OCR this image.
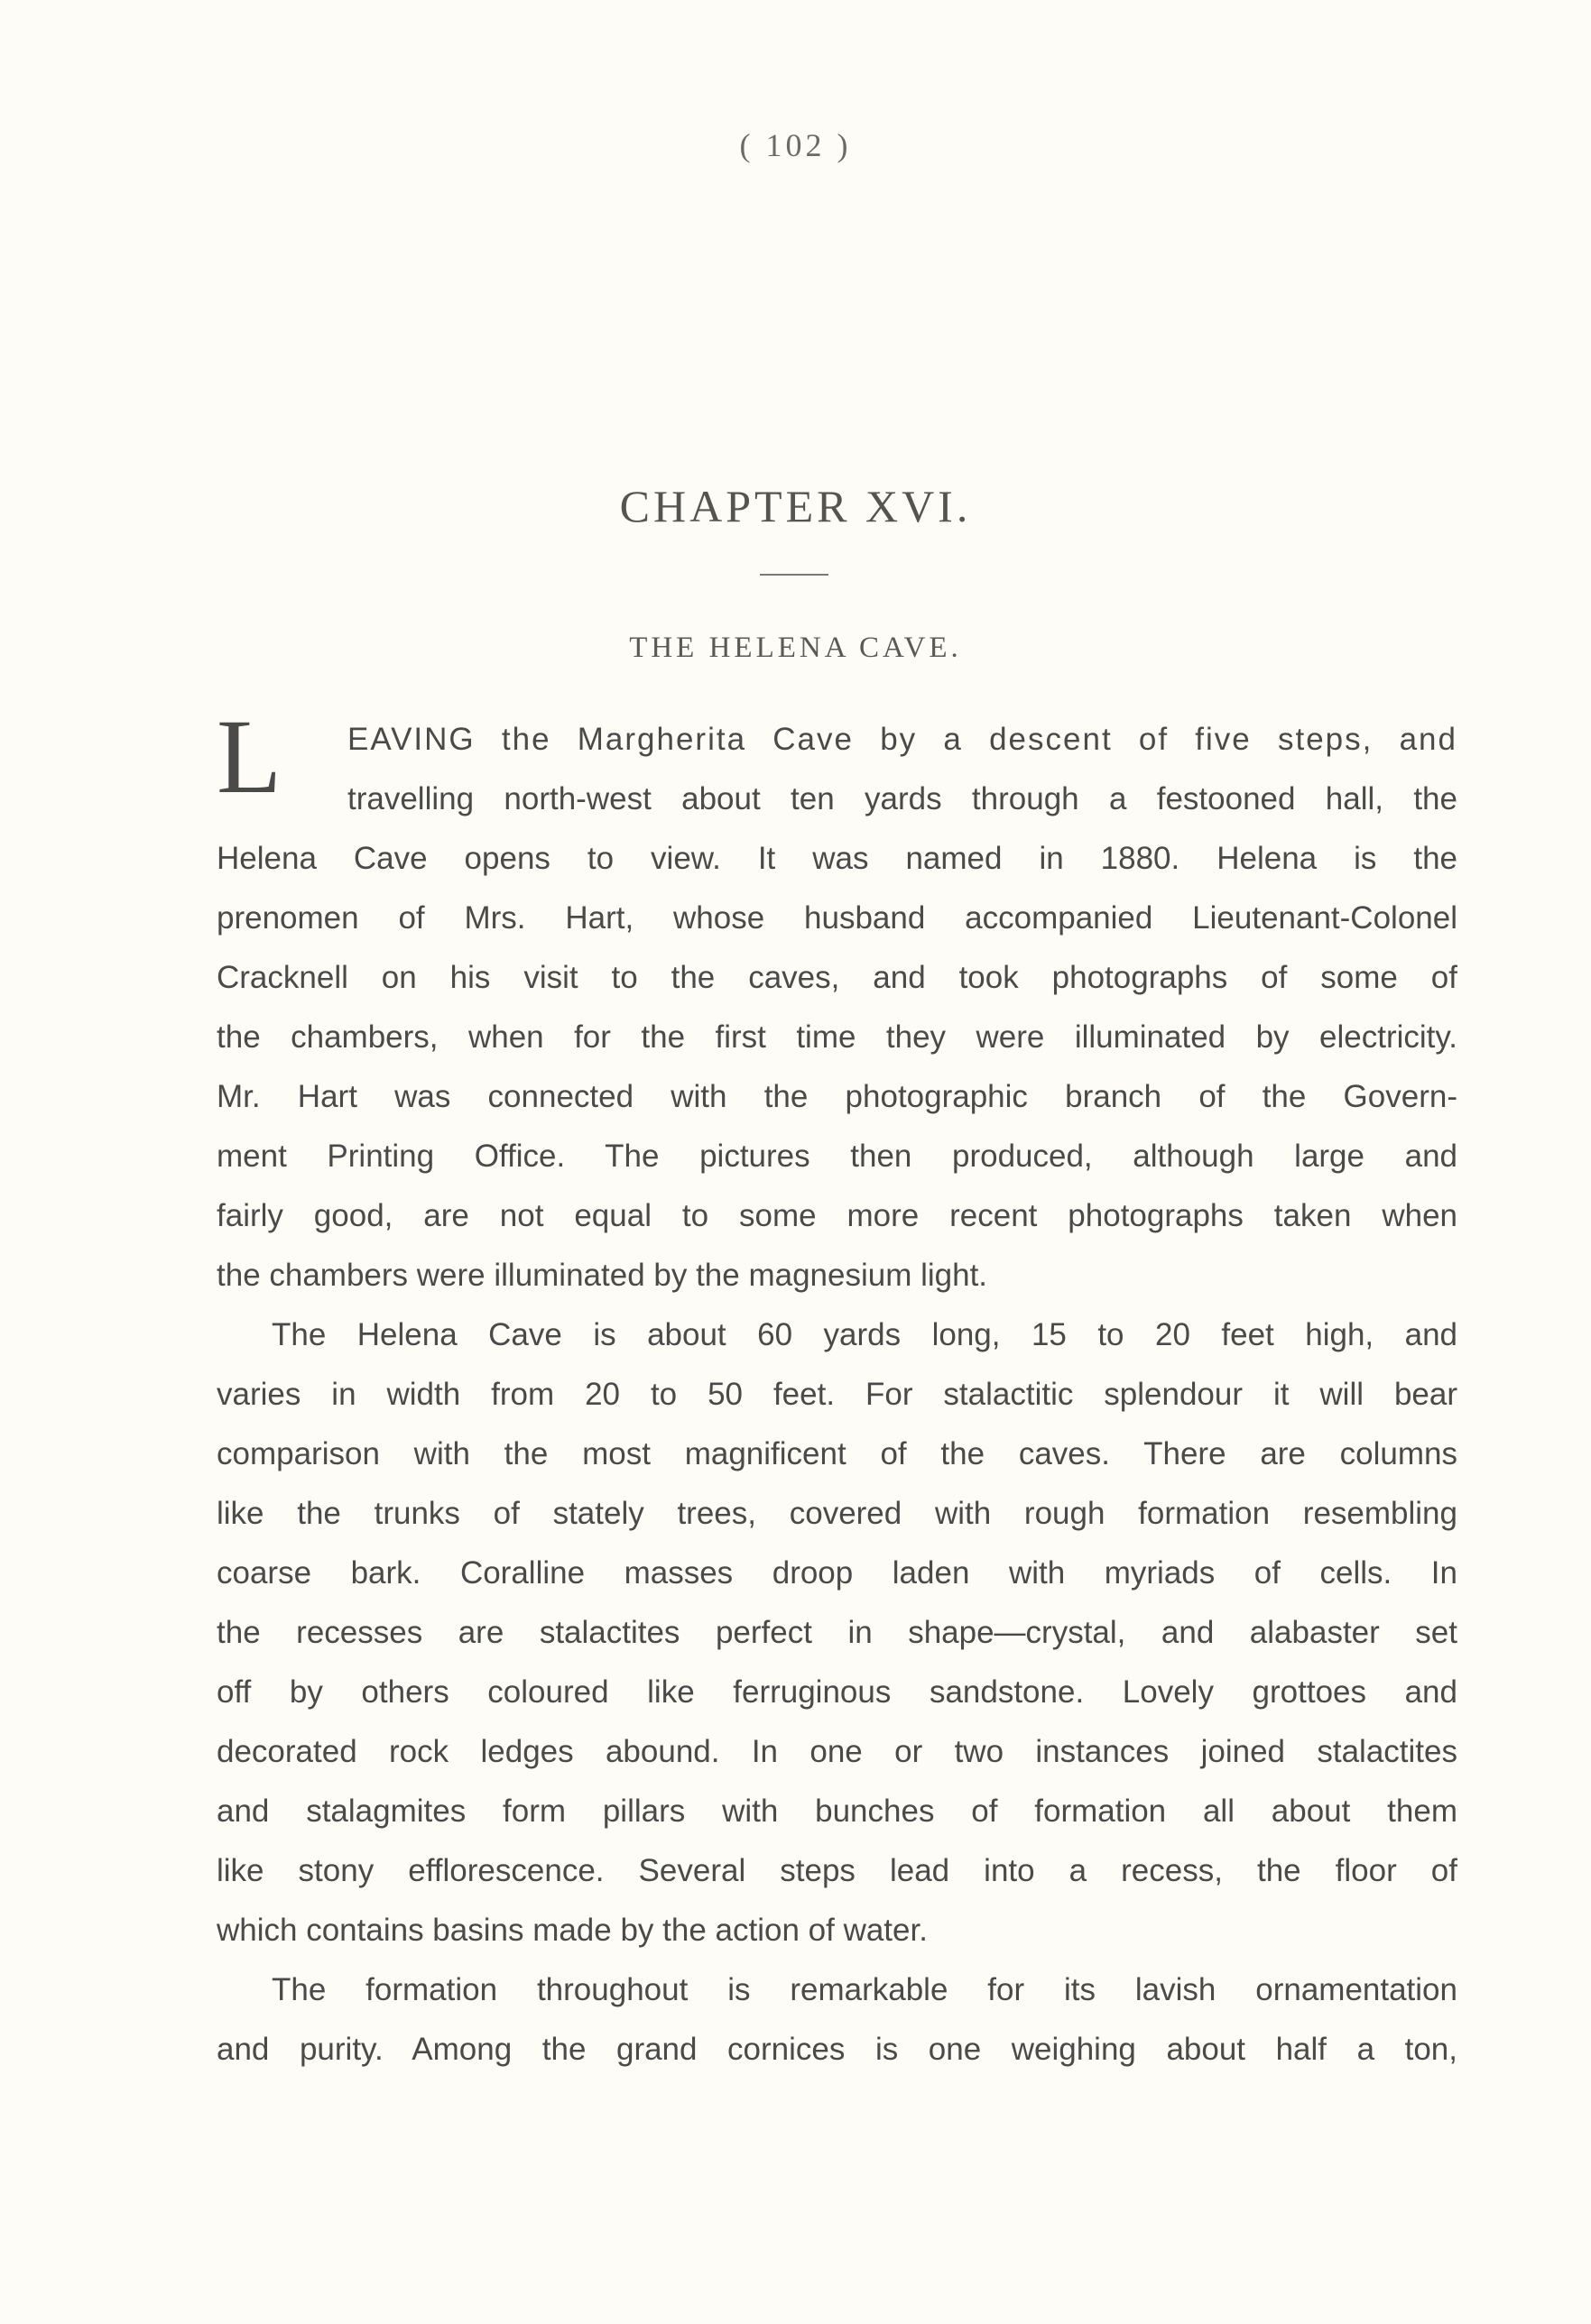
( 102 )
CHAPTER XVI.
THE HELENA CAVE.
L	EAVING the Margherita Cave by a descent of five steps, and
travelling north-west about ten yards through a festooned hall, the
Helena Cave opens to view. It was named in 1880. Helena is the
prenomen of Mrs. Hart, whose husband accompanied Lieutenant-Colonel
Cracknell on his visit to the caves, and took photographs of some of
the chambers, when for the first time they were illuminated by electricity.
Mr. Hart was connected with the photographic branch of the Govern-
ment Printing Office. The pictures then produced, although large and
fairly good, are not equal to some more recent photographs taken when
the chambers were illuminated by the magnesium light.
The Helena Cave is about 60 yards long, 15 to 20 feet high, and
varies in width from 20 to 50 feet. For stalactitic splendour it will bear
comparison with the most magnificent of the caves. There are columns
like the trunks of stately trees, covered with rough formation resembling
coarse bark. Coralline masses droop laden with myriads of cells. In
the recesses are stalactites perfect in shape—crystal, and alabaster set
off by others coloured like ferruginous sandstone. Lovely grottoes and
decorated rock ledges abound. In one or two instances joined stalactites
and stalagmites form pillars with bunches of formation all about them
like stony efflorescence. Several steps lead into a recess, the floor of
which contains basins made by the action of water.
The formation throughout is remarkable for its lavish ornamentation
and purity. Among the grand cornices is one weighing about half a ton,
